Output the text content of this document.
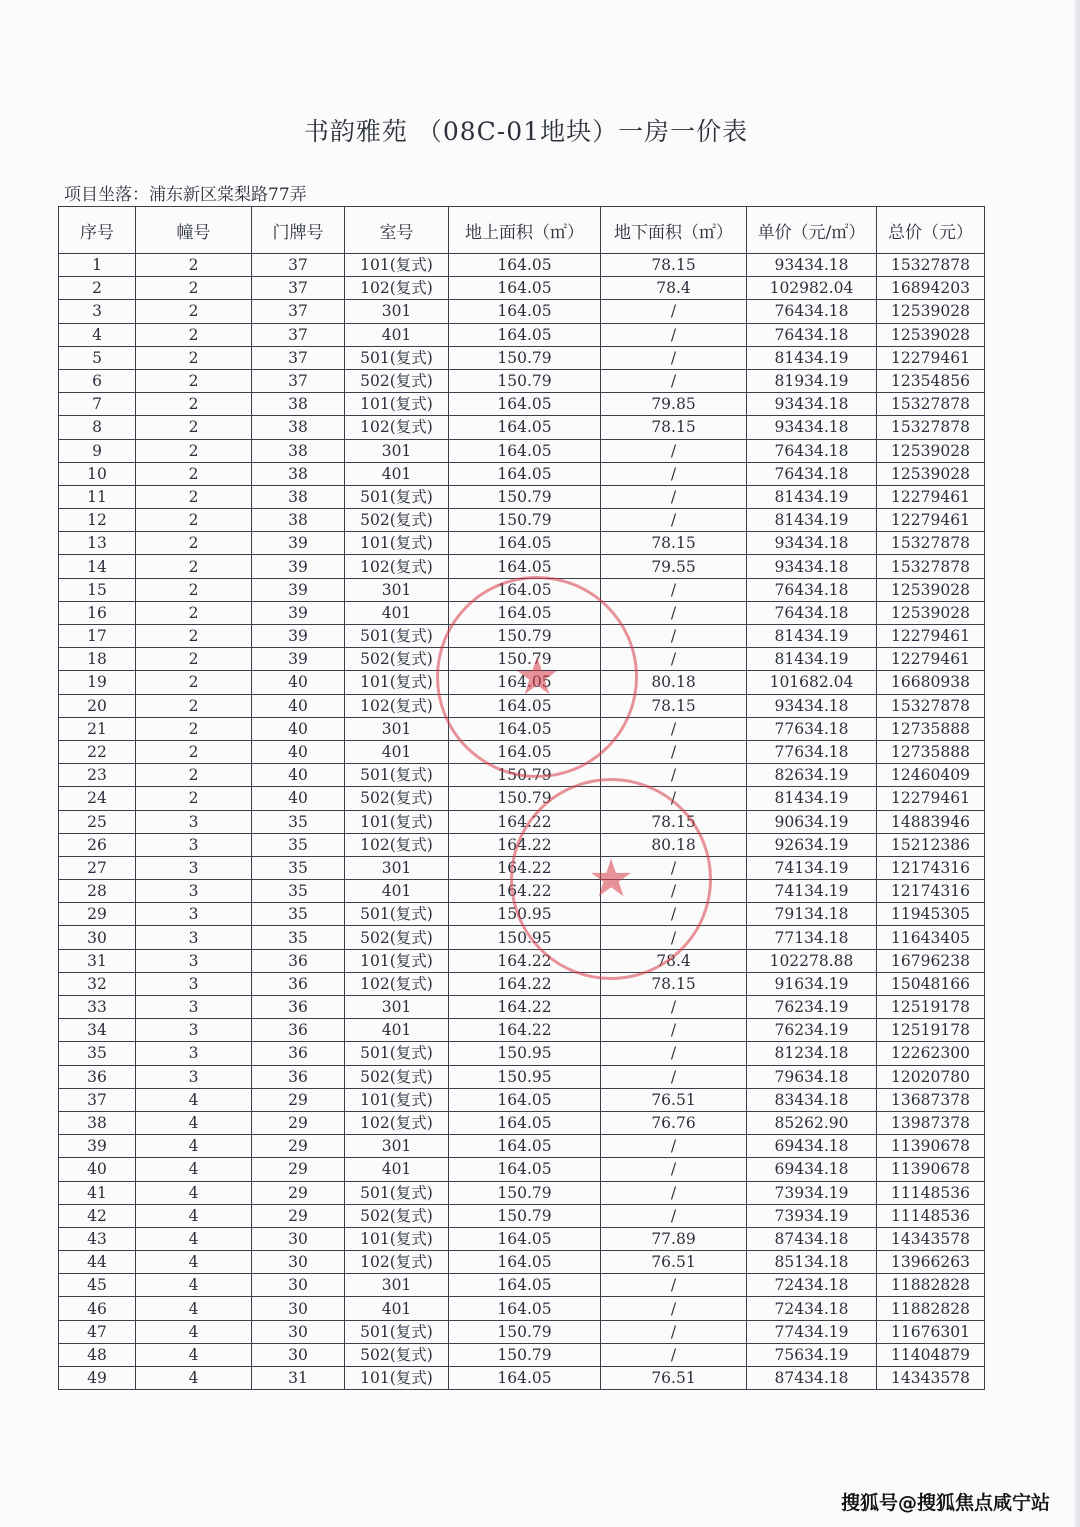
书韵雅苑 （08C-01地块）一房一价表
项目坐落：浦东新区棠梨路77弄
序号	幢号	门牌号	室号	地上面积（㎡）	地下面积（㎡）	单价（元/㎡）	总价（元）
1	2	37	101(复式)	164.05	78.15	93434.18	15327878
2	2	37	102(复式)	164.05	78.4	102982.04	16894203
3	2	37	301	164.05	/	76434.18	12539028
4	2	37	401	164.05	/	76434.18	12539028
5	2	37	501(复式)	150.79	/	81434.19	12279461
6	2	37	502(复式)	150.79	/	81934.19	12354856
7	2	38	101(复式)	164.05	79.85	93434.18	15327878
8	2	38	102(复式)	164.05	78.15	93434.18	15327878
9	2	38	301	164.05	/	76434.18	12539028
10	2	38	401	164.05	/	76434.18	12539028
11	2	38	501(复式)	150.79	/	81434.19	12279461
12	2	38	502(复式)	150.79	/	81434.19	12279461
13	2	39	101(复式)	164.05	78.15	93434.18	15327878
14	2	39	102(复式)	164.05	79.55	93434.18	15327878
15	2	39	301	164.05	/	76434.18	12539028
16	2	39	401	164.05	/	76434.18	12539028
17	2	39	501(复式)	150.79	/	81434.19	12279461
18	2	39	502(复式)	150.79	/	81434.19	12279461
19	2	40	101(复式)	164.05	80.18	101682.04	16680938
20	2	40	102(复式)	164.05	78.15	93434.18	15327878
21	2	40	301	164.05	/	77634.18	12735888
22	2	40	401	164.05	/	77634.18	12735888
23	2	40	501(复式)	150.79	/	82634.19	12460409
24	2	40	502(复式)	150.79	/	81434.19	12279461
25	3	35	101(复式)	164.22	78.15	90634.19	14883946
26	3	35	102(复式)	164.22	80.18	92634.19	15212386
27	3	35	301	164.22	/	74134.19	12174316
28	3	35	401	164.22	/	74134.19	12174316
29	3	35	501(复式)	150.95	/	79134.18	11945305
30	3	35	502(复式)	150.95	/	77134.18	11643405
31	3	36	101(复式)	164.22	78.4	102278.88	16796238
32	3	36	102(复式)	164.22	78.15	91634.19	15048166
33	3	36	301	164.22	/	76234.19	12519178
34	3	36	401	164.22	/	76234.19	12519178
35	3	36	501(复式)	150.95	/	81234.18	12262300
36	3	36	502(复式)	150.95	/	79634.18	12020780
37	4	29	101(复式)	164.05	76.51	83434.18	13687378
38	4	29	102(复式)	164.05	76.76	85262.90	13987378
39	4	29	301	164.05	/	69434.18	11390678
40	4	29	401	164.05	/	69434.18	11390678
41	4	29	501(复式)	150.79	/	73934.19	11148536
42	4	29	502(复式)	150.79	/	73934.19	11148536
43	4	30	101(复式)	164.05	77.89	87434.18	14343578
44	4	30	102(复式)	164.05	76.51	85134.18	13966263
45	4	30	301	164.05	/	72434.18	11882828
46	4	30	401	164.05	/	72434.18	11882828
47	4	30	501(复式)	150.79	/	77434.19	11676301
48	4	30	502(复式)	150.79	/	75634.19	11404879
49	4	31	101(复式)	164.05	76.51	87434.18	14343578
★
★
搜狐号@搜狐焦点咸宁站
